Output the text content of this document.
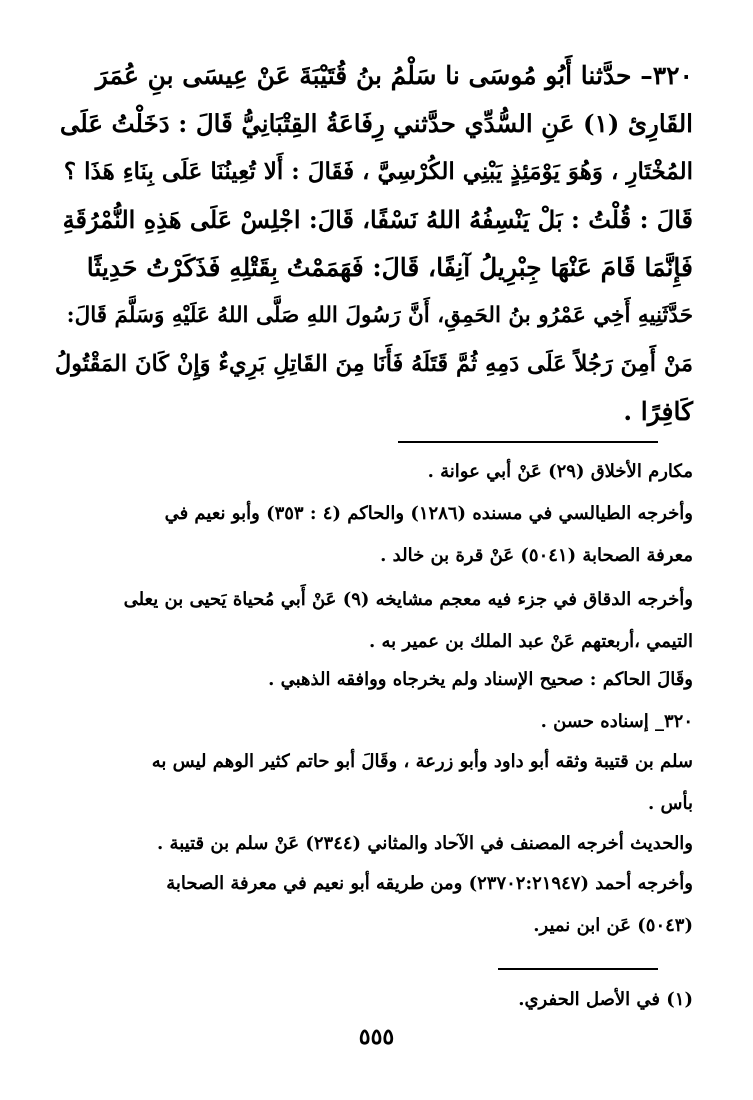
٣٢٠– حدَّثنا أَبُو مُوسَى نا سَلْمُ بنُ قُتَيْبَةَ عَنْ عِيسَى بنِ عُمَرَ

القَارِئ (١) عَنِ السُّدِّي حدَّثني رِفَاعَةُ القِتْبَانِيُّ قَالَ : دَخَلْتُ عَلَى

المُخْتَارِ ، وَهُوَ يَوْمَئِذٍ يَبْنِي الكُرْسِيَّ ، فَقَالَ : أَلا تُعِينُنَا عَلَى بِنَاءِ هَذَا ؟

قَالَ : قُلْتُ : بَلْ يَنْسِفُهُ اللهُ نَسْفًا، قَالَ: اجْلِسْ عَلَى هَذِهِ النُّمْرُقَةِ

فَإِنَّمَا قَامَ عَنْهَا جِبْرِيلُ آنِفًا، قَالَ: فَهَمَمْتُ بِقَتْلِهِ فَذَكَرْتُ حَدِيثًا

حَدَّثَنِيهِ أَخِي عَمْرُو بنُ الحَمِقِ، أَنَّ رَسُولَ اللهِ صَلَّى اللهُ عَلَيْهِ وَسَلَّمَ قَالَ:

مَنْ أَمِنَ رَجُلاً عَلَى دَمِهِ ثُمَّ قَتَلَهُ فَأَنَا مِنَ القَاتِلِ بَرِيءٌ وَإِنْ كَانَ المَقْتُولُ

كَافِرًا .

مكارم الأخلاق (٢٩) عَنْ أبي عوانة .

وأخرجه الطيالسي في مسنده (١٢٨٦) والحاكم (٤ : ٣٥٣) وأبو نعيم في

معرفة الصحابة (٥٠٤١) عَنْ قرة بن خالد .

وأخرجه الدقاق في جزء فيه معجم مشايخه (٩) عَنْ أَبي مُحياة يَحيى بن يعلى

التيمي ،أربعتهم عَنْ عبد الملك بن عمير به .

وقَالَ الحاكم : صحيح الإسناد ولم يخرجاه ووافقه الذهبي .

٣٢٠_ إسناده حسن .

سلم بن قتيبة وثقه أبو داود وأبو زرعة ، وقَالَ أبو حاتم كثير الوهم ليس به

بأس .

والحديث أخرجه المصنف في الآحاد والمثاني (٢٣٤٤) عَنْ سلم بن قتيبة .

وأخرجه أحمد (٢٣٧٠٢:٢١٩٤٧) ومن طريقه أبو نعيم في معرفة الصحابة

(٥٠٤٣) عَن ابن نمير.

(١) في الأصل الحفري.

٥٥٥
